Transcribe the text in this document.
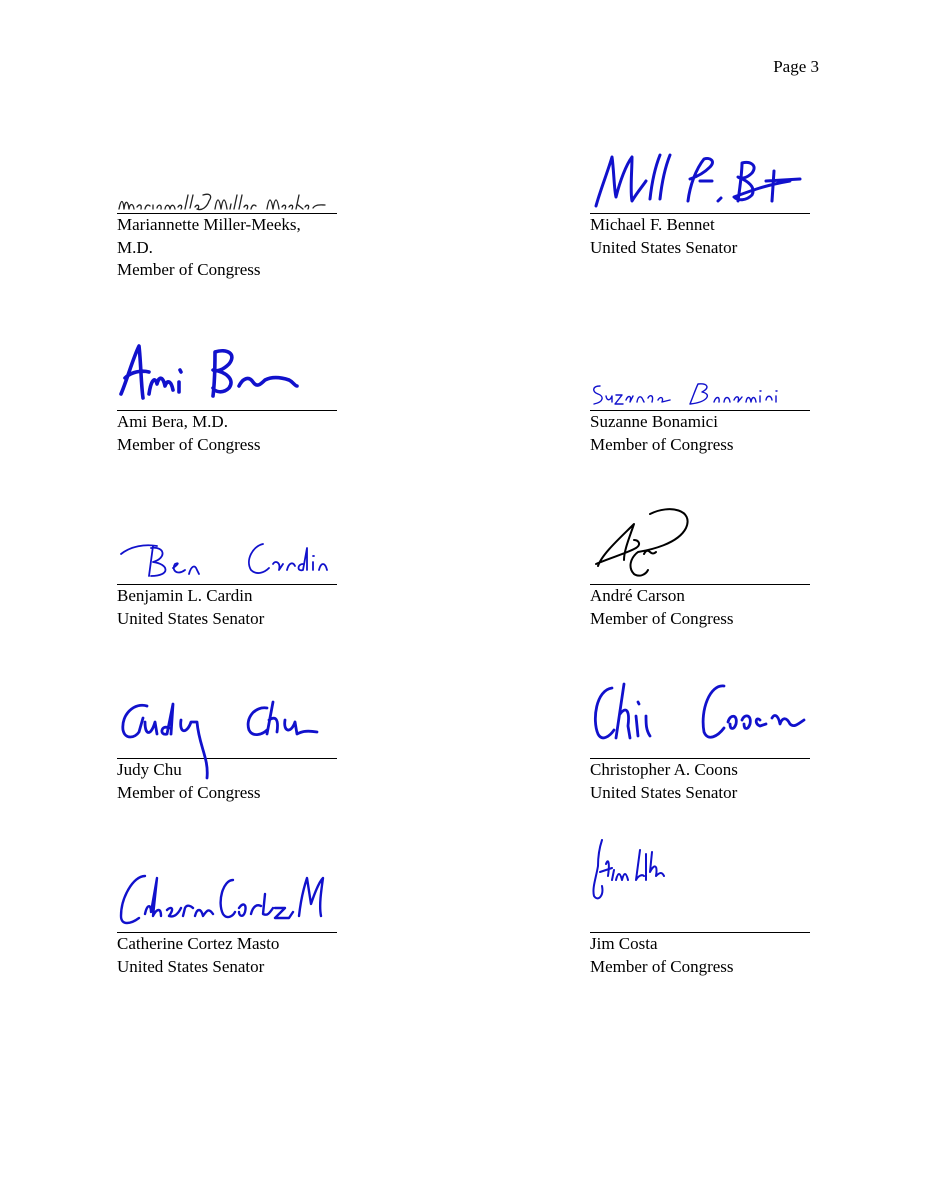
Page 3
Mariannette Miller-Meeks,
M.D.
Member of Congress
Michael F. Bennet
United States Senator
Ami Bera, M.D.
Member of Congress
Suzanne Bonamici
Member of Congress
Benjamin L. Cardin
United States Senator
André Carson
Member of Congress
Judy Chu
Member of Congress
Christopher A. Coons
United States Senator
Catherine Cortez Masto
United States Senator
Jim Costa
Member of Congress
